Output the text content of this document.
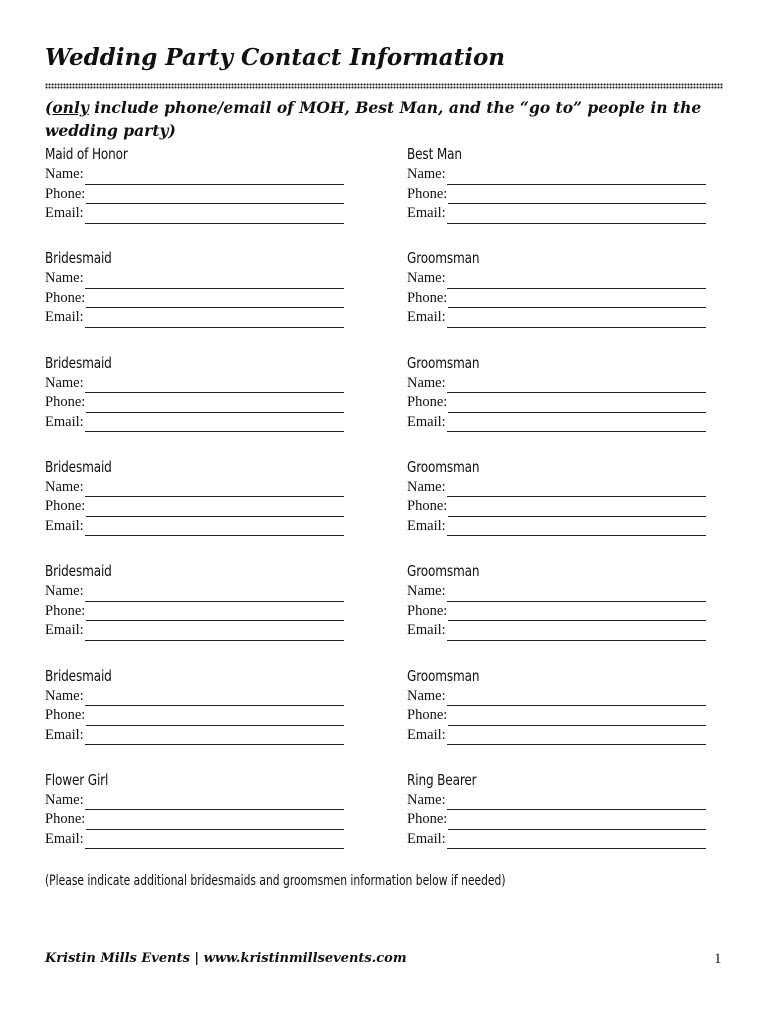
Wedding Party Contact Information
(only include phone/email of MOH, Best Man, and the “go to” people in the wedding party)
Maid of Honor
Name:
Phone:
Email:
Best Man
Name:
Phone:
Email:
Bridesmaid
Name:
Phone:
Email:
Groomsman
Name:
Phone:
Email:
Bridesmaid
Name:
Phone:
Email:
Groomsman
Name:
Phone:
Email:
Bridesmaid
Name:
Phone:
Email:
Groomsman
Name:
Phone:
Email:
Bridesmaid
Name:
Phone:
Email:
Groomsman
Name:
Phone:
Email:
Bridesmaid
Name:
Phone:
Email:
Groomsman
Name:
Phone:
Email:
Flower Girl
Name:
Phone:
Email:
Ring Bearer
Name:
Phone:
Email:
(Please indicate additional bridesmaids and groomsmen information below if needed)
Kristin Mills Events | www.kristinmillsevents.com	1
